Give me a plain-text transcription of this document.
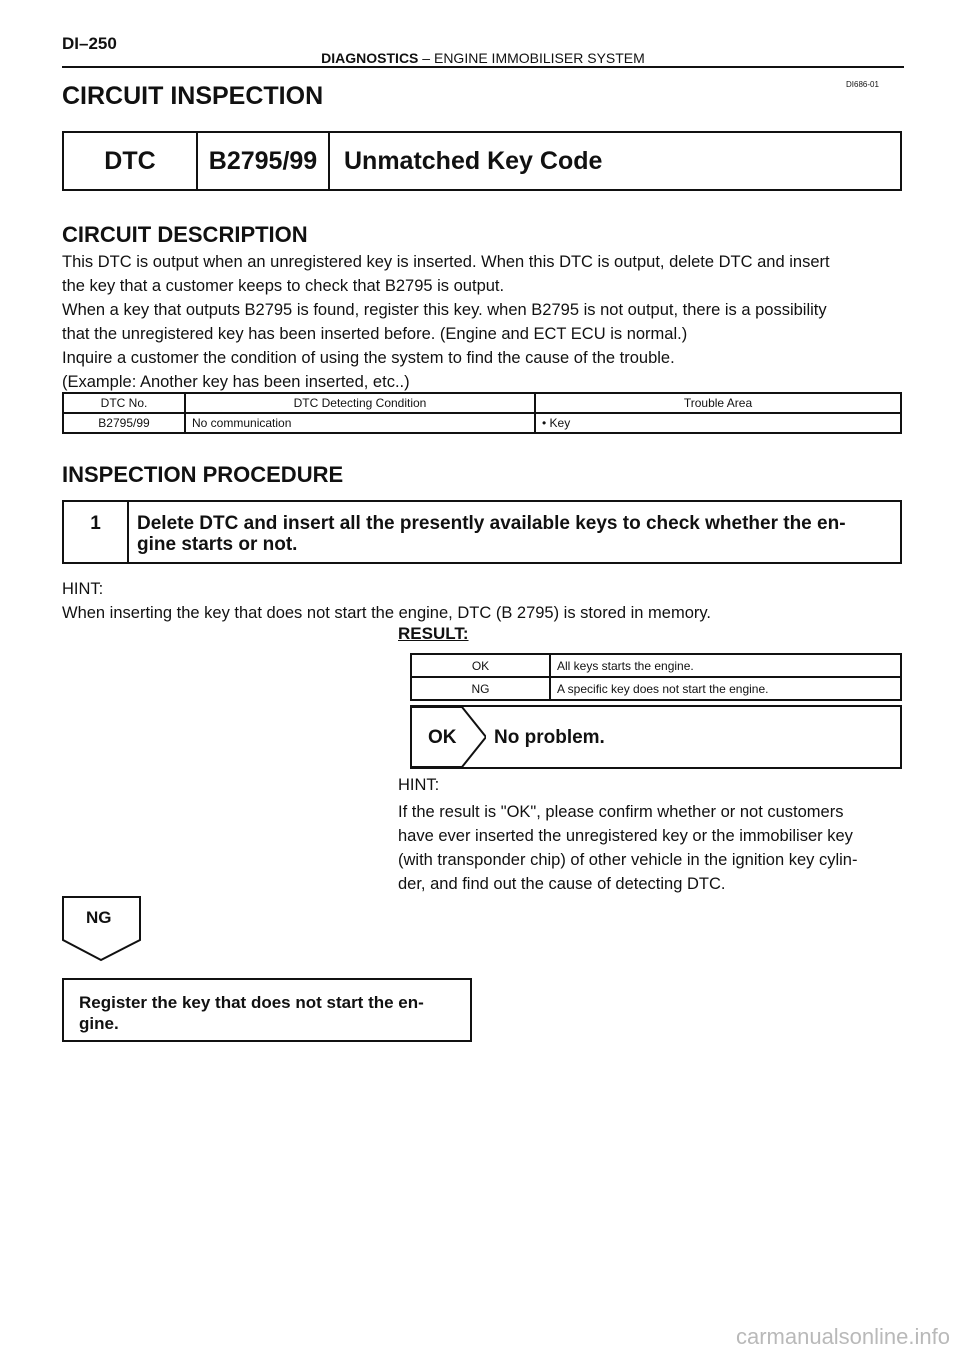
DI–250
DIAGNOSTICS – ENGINE IMMOBILISER SYSTEM
DI686-01
CIRCUIT INSPECTION
DTC	B2795/99	Unmatched Key Code
CIRCUIT DESCRIPTION

This DTC is output when an unregistered key is inserted. When this DTC is output, delete DTC and insert

the key that a customer keeps to check that B2795 is output.

When a key that outputs B2795 is found, register this key. when B2795 is not output, there is a possibility

that the unregistered key has been inserted before. (Engine and ECT ECU is normal.)

Inquire a customer the condition of using the system to find the cause of the trouble.

(Example: Another key has been inserted, etc..)

DTC No.	DTC Detecting Condition	Trouble Area
B2795/99	No communication	• Key
INSPECTION PROCEDURE
1	Delete DTC and insert all the presently available keys to check whether the en-
gine starts or not.
HINT:
When inserting the key that does not start the engine, DTC (B 2795) is stored in memory.
RESULT:
OK	All keys starts the engine.
NG	A specific key does not start the engine.
OK No problem.
HINT:
If the result is "OK", please confirm whether or not customers
have ever inserted the unregistered key or the immobiliser key
(with transponder chip) of other vehicle in the ignition key cylin-
der, and find out the cause of detecting DTC.
NG
Register the key that does not start the en-
gine.
carmanualsonline.info
